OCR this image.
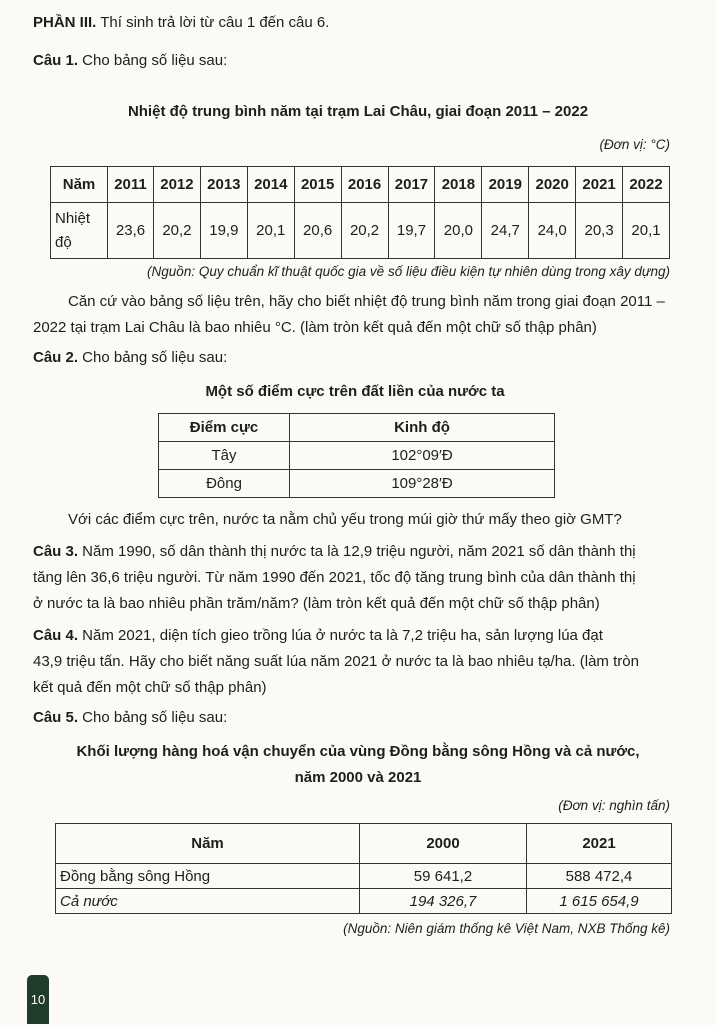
PHẦN III. Thí sinh trả lời từ câu 1 đến câu 6.
Câu 1. Cho bảng số liệu sau:
Nhiệt độ trung bình năm tại trạm Lai Châu, giai đoạn 2011 – 2022
(Đơn vị: °C)
Năm	2011	2012	2013	2014	2015	2016	2017	2018	2019	2020	2021	2022
Nhiệt
độ	23,6	20,2	19,9	20,1	20,6	20,2	19,7	20,0	24,7	24,0	20,3	20,1
(Nguồn: Quy chuẩn kĩ thuật quốc gia về số liệu điều kiện tự nhiên dùng trong xây dựng)
Căn cứ vào bảng số liệu trên, hãy cho biết nhiệt độ trung bình năm trong giai đoạn 2011 –
2022 tại trạm Lai Châu là bao nhiêu °C. (làm tròn kết quả đến một chữ số thập phân)
Câu 2. Cho bảng số liệu sau:
Một số điểm cực trên đất liền của nước ta
Điểm cực	Kinh độ
Tây	102°09′Đ
Đông	109°28′Đ
Với các điểm cực trên, nước ta nằm chủ yếu trong múi giờ thứ mấy theo giờ GMT?
Câu 3. Năm 1990, số dân thành thị nước ta là 12,9 triệu người, năm 2021 số dân thành thị
tăng lên 36,6 triệu người. Từ năm 1990 đến 2021, tốc độ tăng trung bình của dân thành thị
ở nước ta là bao nhiêu phần trăm/năm? (làm tròn kết quả đến một chữ số thập phân)
Câu 4. Năm 2021, diện tích gieo trồng lúa ở nước ta là 7,2 triệu ha, sản lượng lúa đạt
43,9 triệu tấn. Hãy cho biết năng suất lúa năm 2021 ở nước ta là bao nhiêu tạ/ha. (làm tròn
kết quả đến một chữ số thập phân)
Câu 5. Cho bảng số liệu sau:
Khối lượng hàng hoá vận chuyển của vùng Đồng bằng sông Hồng và cả nước,
năm 2000 và 2021
(Đơn vị: nghìn tấn)
Năm	2000	2021
Đồng bằng sông Hồng	59 641,2	588 472,4
Cả nước	194 326,7	1 615 654,9
(Nguồn: Niên giám thống kê Việt Nam, NXB Thống kê)
10
